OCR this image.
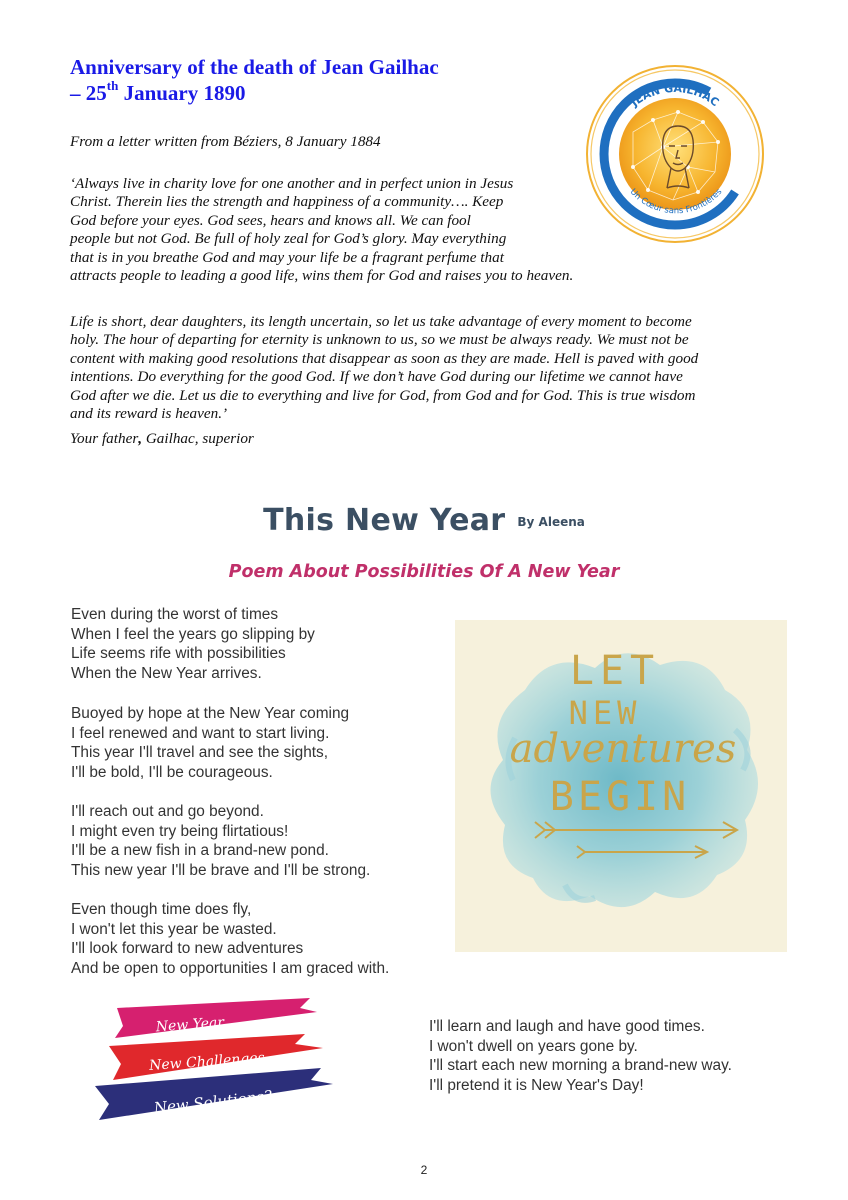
Anniversary of the death of Jean Gailhac
– 25th January 1890
From a letter written from Béziers, 8 January 1884
‘Always live in charity love for one another and in perfect union in Jesus
Christ. Therein lies the strength and happiness of a community…. Keep
God before your eyes. God sees, hears and knows all. We can fool
people but not God. Be full of holy zeal for God’s glory. May everything
that is in you breathe God and may your life be a fragrant perfume that
attracts people to leading a good life, wins them for God and raises you to heaven.
Life is short, dear daughters, its length uncertain, so let us take advantage of every moment to become
holy. The hour of departing for eternity is unknown to us, so we must be always ready. We must not be
content with making good resolutions that disappear as soon as they are made. Hell is paved with good
intentions. Do everything for the good God. If we don’t have God during our lifetime we cannot have
God after we die. Let us die to everything and live for God, from God and for God. This is true wisdom
and its reward is heaven.’
Your father, Gailhac, superior
JEAN GAILHAC
Un Cœur sans Frontières
This New Year $^{By Aleena}$
Poem About Possibilities Of A New Year
Even during the worst of times
When I feel the years go slipping by
Life seems rife with possibilities
When the New Year arrives.
Buoyed by hope at the New Year coming
I feel renewed and want to start living.
This year I'll travel and see the sights,
I'll be bold, I'll be courageous.
I'll reach out and go beyond.
I might even try being flirtatious!
I'll be a new fish in a brand-new pond.
This new year I'll be brave and I'll be strong.
Even though time does fly,
I won't let this year be wasted.
I'll look forward to new adventures
And be open to opportunities I am graced with.
I'll learn and laugh and have good times.
I won't dwell on years gone by.
I'll start each new morning a brand-new way.
I'll pretend it is New Year's Day!
LET
NEW
adventures
BEGIN
New Year
New Challenges
New Solutions?
2
